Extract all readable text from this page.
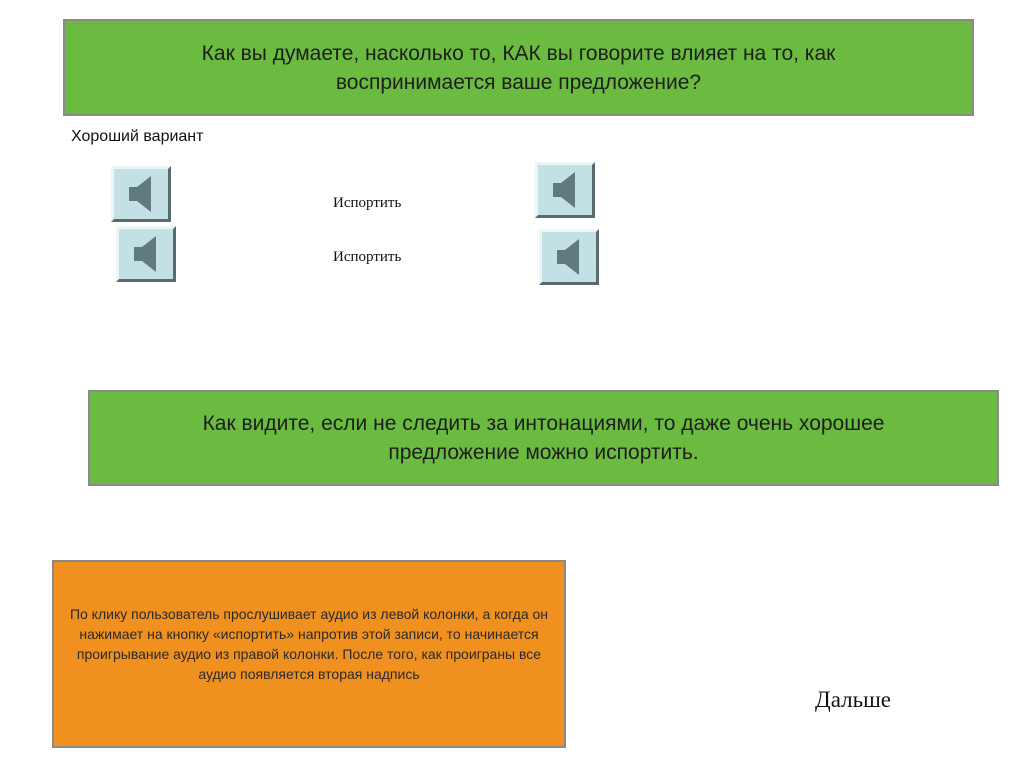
Как вы думаете, насколько то, КАК вы говорите влияет на то, как воспринимается ваше предложение?
Хороший вариант
Испортить
Испортить
Как видите, если не следить за интонациями, то даже очень хорошее предложение можно испортить.
По клику пользователь прослушивает аудио из левой колонки, а когда он нажимает на кнопку «испортить» напротив этой записи, то начинается проигрывание аудио из правой колонки. После того, как проиграны все аудио появляется вторая надпись
Дальше
